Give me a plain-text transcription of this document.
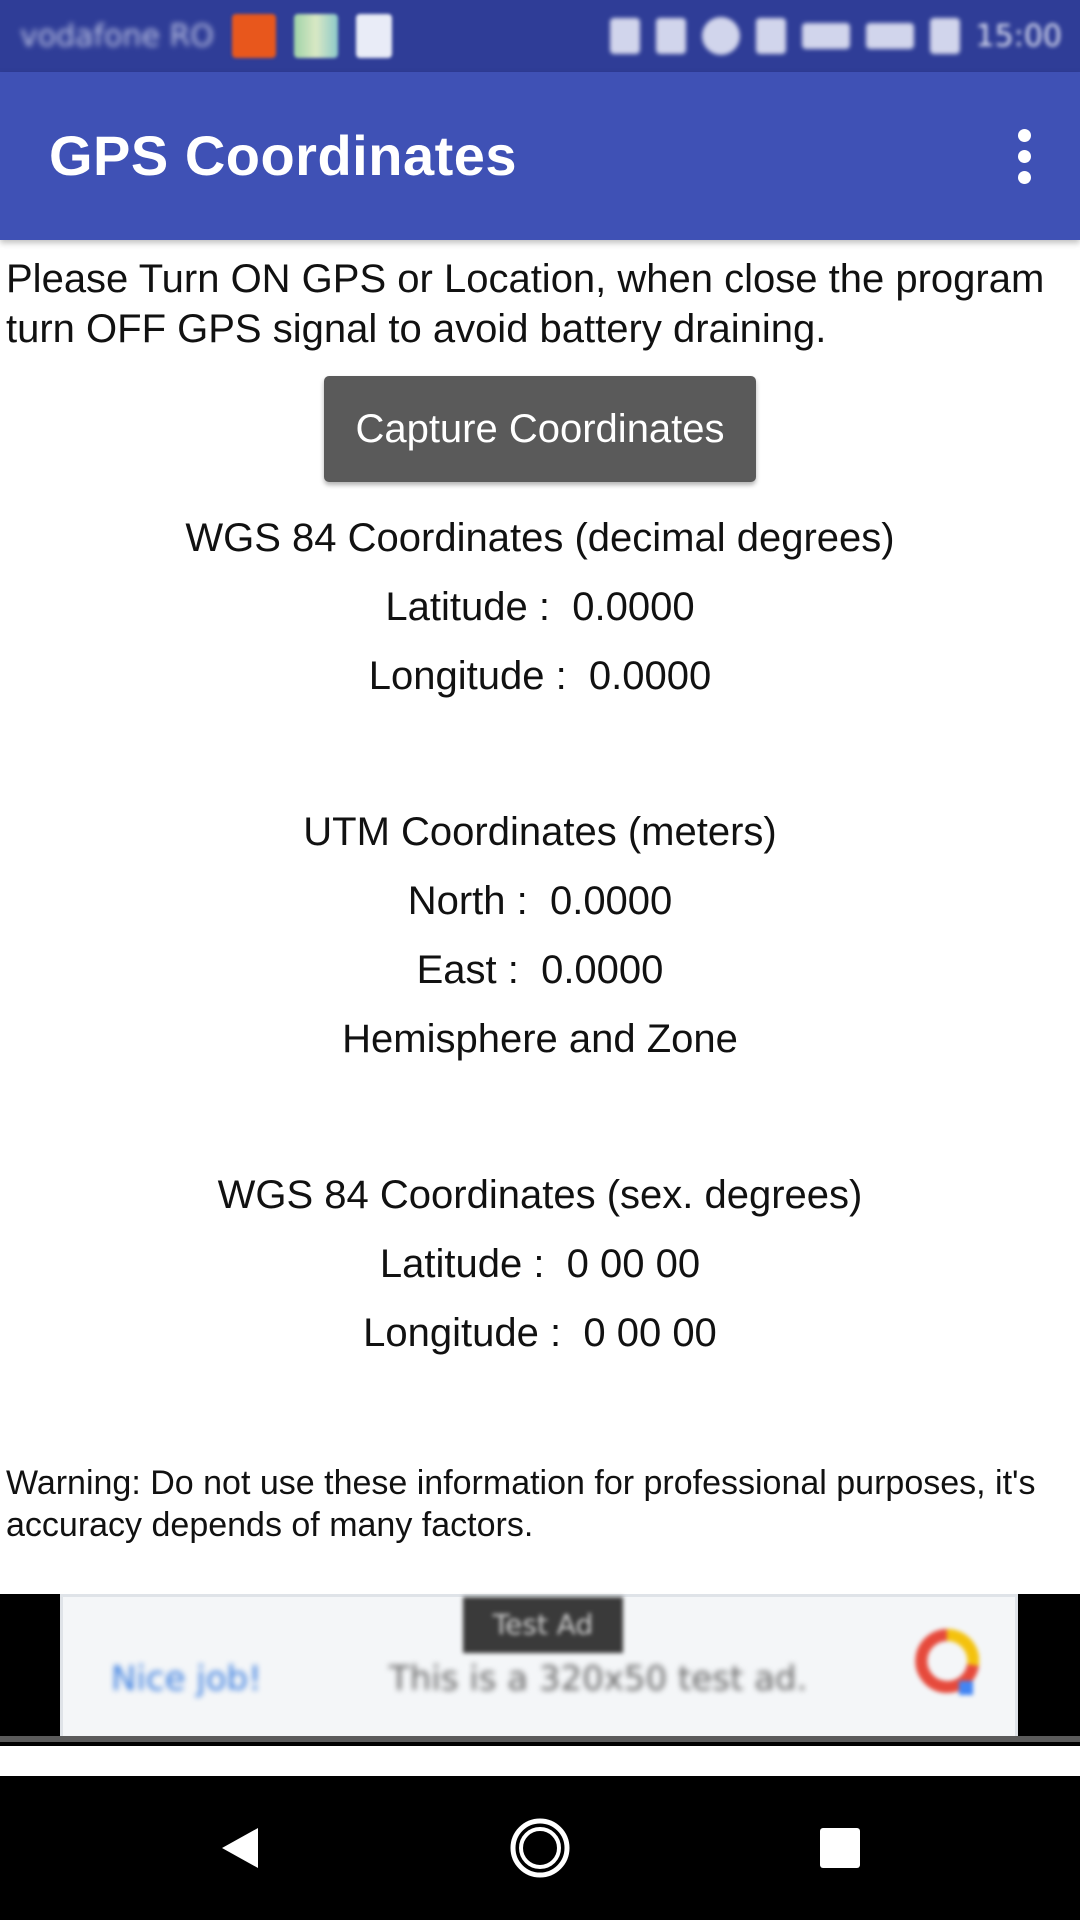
vodafone RO	15:00
GPS Coordinates
Please Turn ON GPS or Location, when close the program turn OFF GPS signal to avoid battery draining.
Capture Coordinates
WGS 84 Coordinates (decimal degrees)
Latitude :  0.0000
Longitude :  0.0000
UTM Coordinates (meters)
North :  0.0000
East :  0.0000
Hemisphere and Zone
WGS 84 Coordinates (sex. degrees)
Latitude :  0 00 00
Longitude :  0 00 00
Warning: Do not use these information for professional purposes, it's accuracy depends of many factors.
Test Ad
Nice job!	This is a 320x50 test ad.
